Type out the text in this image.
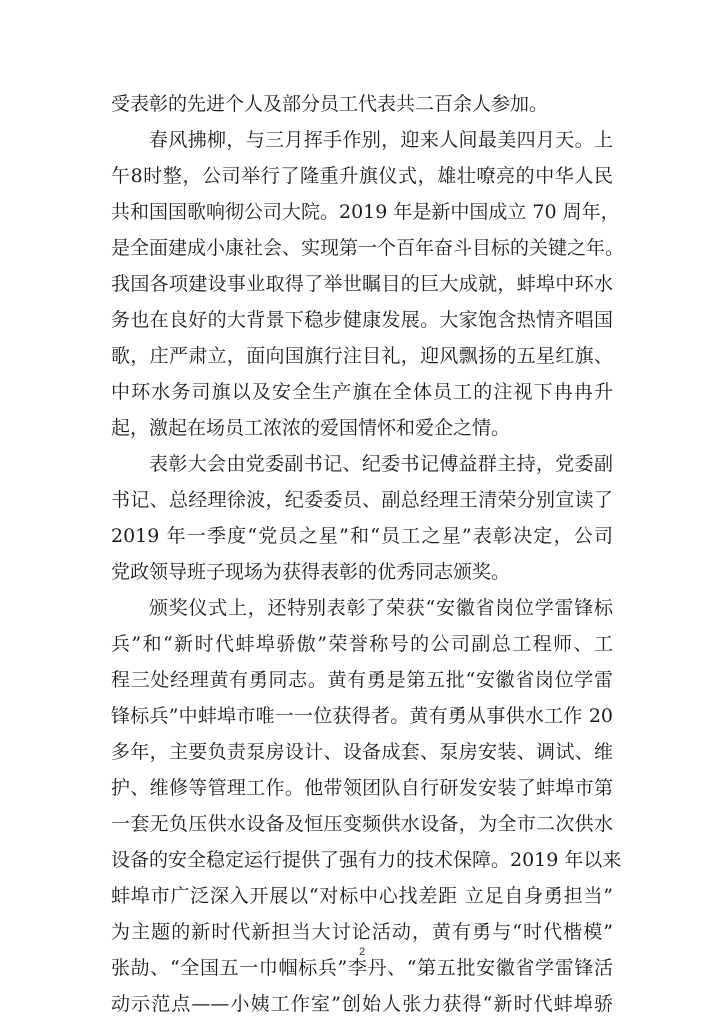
受表彰的先进个人及部分员工代表共二百余人参加。
春风拂柳，与三月挥手作别，迎来人间最美四月天。上
午8时整，公司举行了隆重升旗仪式，雄壮嘹亮的中华人民
共和国国歌响彻公司大院。2019 年是新中国成立 70 周年，
是全面建成小康社会、实现第一个百年奋斗目标的关键之年。
我国各项建设事业取得了举世瞩目的巨大成就，蚌埠中环水
务也在良好的大背景下稳步健康发展。大家饱含热情齐唱国
歌，庄严肃立，面向国旗行注目礼，迎风飘扬的五星红旗、
中环水务司旗以及安全生产旗在全体员工的注视下冉冉升
起，激起在场员工浓浓的爱国情怀和爱企之情。
表彰大会由党委副书记、纪委书记傅益群主持，党委副
书记、总经理徐波，纪委委员、副总经理王清荣分别宣读了
2019 年一季度“党员之星”和“员工之星”表彰决定，公司
党政领导班子现场为获得表彰的优秀同志颁奖。
颁奖仪式上，还特别表彰了荣获“安徽省岗位学雷锋标
兵”和“新时代蚌埠骄傲”荣誉称号的公司副总工程师、工
程三处经理黄有勇同志。黄有勇是第五批“安徽省岗位学雷
锋标兵”中蚌埠市唯一一位获得者。黄有勇从事供水工作 20
多年，主要负责泵房设计、设备成套、泵房安装、调试、维
护、维修等管理工作。他带领团队自行研发安装了蚌埠市第
一套无负压供水设备及恒压变频供水设备，为全市二次供水
设备的安全稳定运行提供了强有力的技术保障。2019 年以来
蚌埠市广泛深入开展以“对标中心找差距 立足自身勇担当”
为主题的新时代新担当大讨论活动，黄有勇与“时代楷模”
张劼、“全国五一巾帼标兵”李丹、“第五批安徽省学雷锋活
动示范点——小姨工作室”创始人张力获得“新时代蚌埠骄
2
